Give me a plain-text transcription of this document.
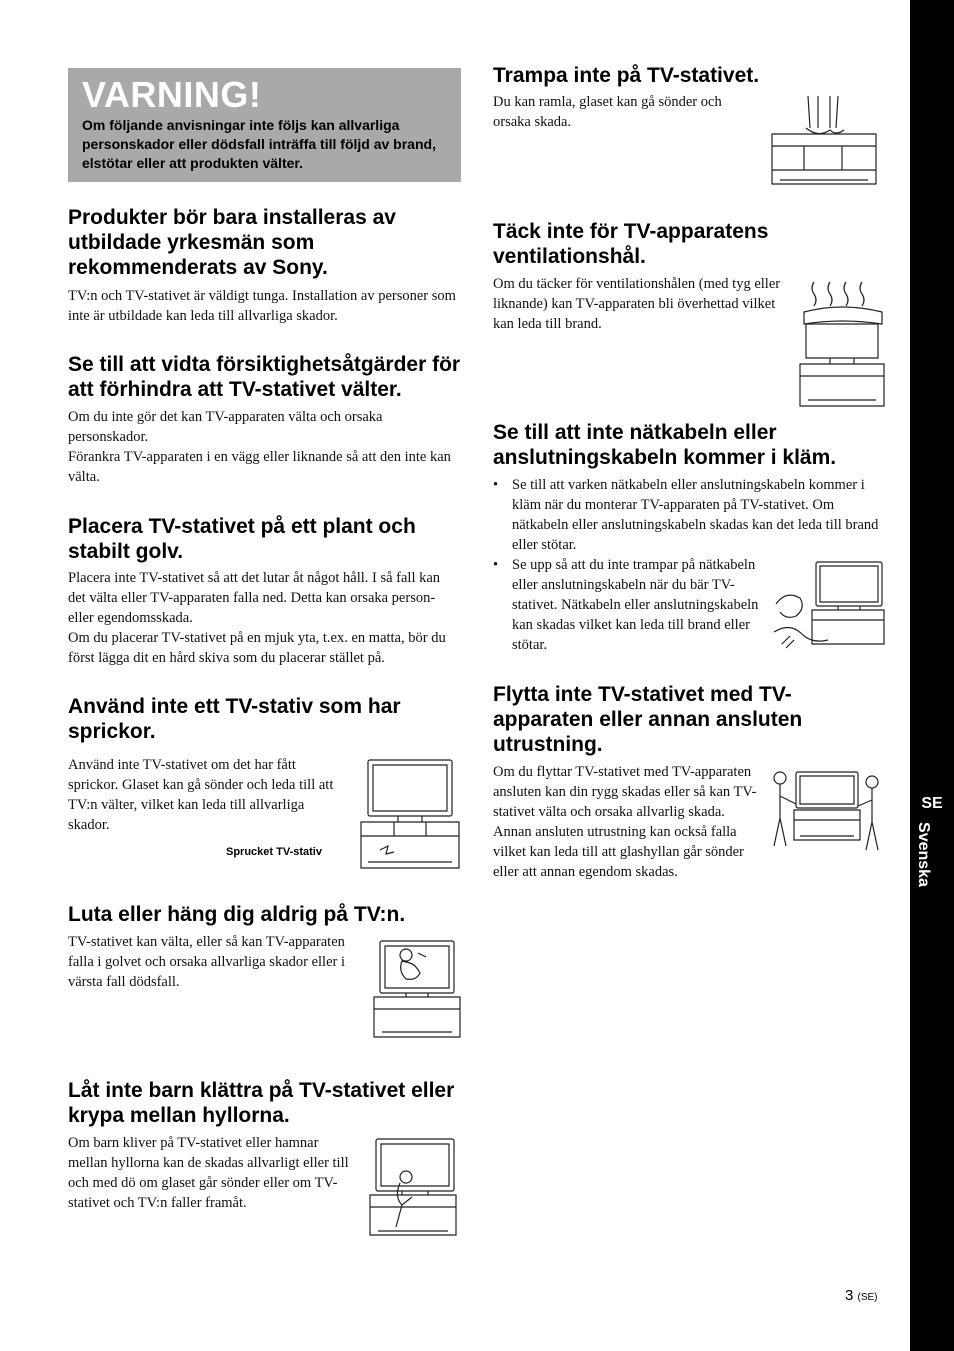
VARNING!
Om följande anvisningar inte följs kan allvarliga personskador eller dödsfall inträffa till följd av brand, elstötar eller att produkten välter.
Produkter bör bara installeras av utbildade yrkesmän som rekommenderats av Sony.

TV:n och TV-stativet är väldigt tunga. Installation av personer som inte är utbildade kan leda till allvarliga skador.

Se till att vidta försiktighetsåtgärder för att förhindra att TV-stativet välter.

Om du inte gör det kan TV-apparaten välta och orsaka personskador.

Förankra TV-apparaten i en vägg eller liknande så att den inte kan välta.

Placera TV-stativet på ett plant och stabilt golv.

Placera inte TV-stativet så att det lutar åt något håll. I så fall kan det välta eller TV-apparaten falla ned. Detta kan orsaka person- eller egendomsskada.

Om du placerar TV-stativet på en mjuk yta, t.ex. en matta, bör du först lägga dit en hård skiva som du placerar stället på.

Använd inte ett TV-stativ som har sprickor.

Använd inte TV-stativet om det har fått sprickor. Glaset kan gå sönder och leda till att TV:n välter, vilket kan leda till allvarliga skador.

Sprucket TV-stativ
Luta eller häng dig aldrig på TV:n.

TV-stativet kan välta, eller så kan TV-apparaten falla i golvet och orsaka allvarliga skador eller i värsta fall dödsfall.

Låt inte barn klättra på TV-stativet eller krypa mellan hyllorna.

Om barn kliver på TV-stativet eller hamnar mellan hyllorna kan de skadas allvarligt eller till och med dö om glaset går sönder eller om TV-stativet och TV:n faller framåt.

Trampa inte på TV-stativet.

Du kan ramla, glaset kan gå sönder och orsaka skada.

Täck inte för TV-apparatens ventilationshål.

Om du täcker för ventilationshålen (med tyg eller liknande) kan TV-apparaten bli överhettad vilket kan leda till brand.

Se till att inte nätkabeln eller anslutningskabeln kommer i kläm.
• Se till att varken nätkabeln eller anslutningskabeln kommer i kläm när du monterar TV-apparaten på TV-stativet. Om nätkabeln eller anslutningskabeln skadas kan det leda till brand eller stötar.
• Se upp så att du inte trampar på nätkabeln eller anslutningskabeln när du bär TV-stativet. Nätkabeln eller anslutningskabeln kan skadas vilket kan leda till brand eller stötar.
Flytta inte TV-stativet med TV-apparaten eller annan ansluten utrustning.

Om du flyttar TV-stativet med TV-apparaten ansluten kan din rygg skadas eller så kan TV-stativet välta och orsaka allvarlig skada. Annan ansluten utrustning kan också falla vilket kan leda till att glashyllan går sönder eller att annan egendom skadas.

SE
Svenska
3 (SE)
